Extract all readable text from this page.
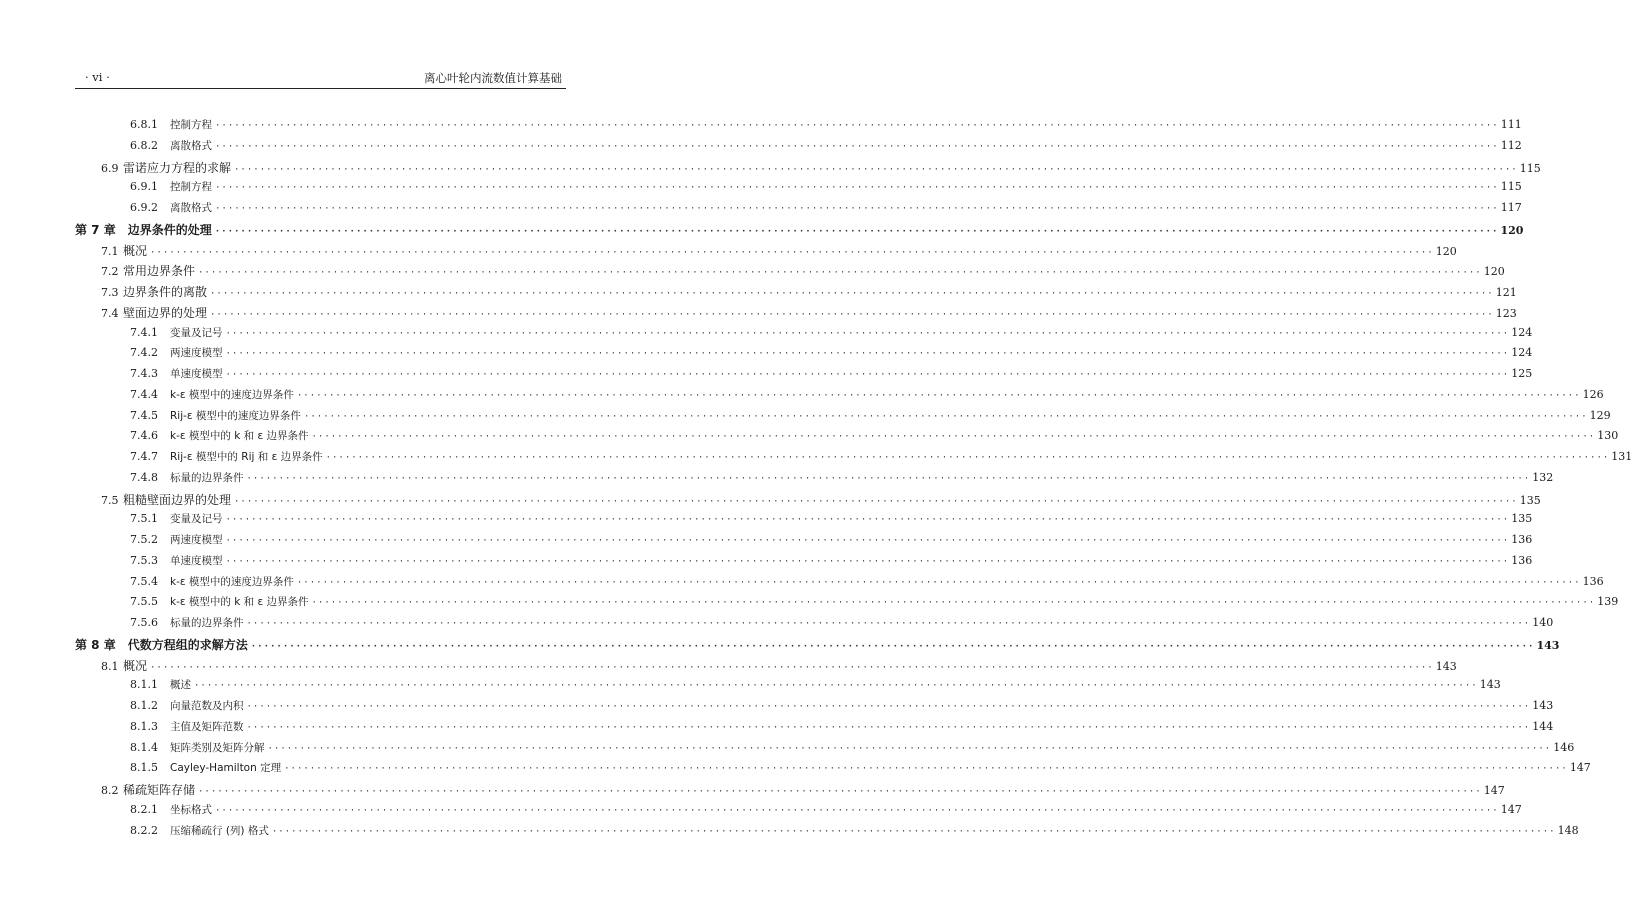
· vi ·	离心叶轮内流数值计算基础
6.8.1	控制方程 ········································································································································································································ 111
6.8.2	离散格式 ········································································································································································································ 112
6.9 雷诺应力方程的求解 ········································································································································································································ 115
6.9.1	控制方程 ········································································································································································································ 115
6.9.2	离散格式 ········································································································································································································ 117
第 7 章 边界条件的处理 ········································································································································································································ 120
7.1 概况 ········································································································································································································ 120
7.2 常用边界条件 ········································································································································································································ 120
7.3 边界条件的离散 ········································································································································································································ 121
7.4 壁面边界的处理 ········································································································································································································ 123
7.4.1	变量及记号 ········································································································································································································ 124
7.4.2	两速度模型 ········································································································································································································ 124
7.4.3	单速度模型 ········································································································································································································ 125
7.4.4	k-ε 模型中的速度边界条件 ········································································································································································································ 126
7.4.5	Rij-ε 模型中的速度边界条件 ········································································································································································································ 129
7.4.6	k-ε 模型中的 k 和 ε 边界条件 ········································································································································································································ 130
7.4.7	Rij-ε 模型中的 Rij 和 ε 边界条件 ········································································································································································································ 131
7.4.8	标量的边界条件 ········································································································································································································ 132
7.5 粗糙壁面边界的处理 ········································································································································································································ 135
7.5.1	变量及记号 ········································································································································································································ 135
7.5.2	两速度模型 ········································································································································································································ 136
7.5.3	单速度模型 ········································································································································································································ 136
7.5.4	k-ε 模型中的速度边界条件 ········································································································································································································ 136
7.5.5	k-ε 模型中的 k 和 ε 边界条件 ········································································································································································································ 139
7.5.6	标量的边界条件 ········································································································································································································ 140
第 8 章 代数方程组的求解方法 ········································································································································································································ 143
8.1 概况 ········································································································································································································ 143
8.1.1	概述 ········································································································································································································ 143
8.1.2	向量范数及内积 ········································································································································································································ 143
8.1.3	主值及矩阵范数 ········································································································································································································ 144
8.1.4	矩阵类别及矩阵分解 ········································································································································································································ 146
8.1.5	Cayley-Hamilton 定理 ········································································································································································································ 147
8.2 稀疏矩阵存储 ········································································································································································································ 147
8.2.1	坐标格式 ········································································································································································································ 147
8.2.2	压缩稀疏行 (列) 格式 ········································································································································································································ 148
